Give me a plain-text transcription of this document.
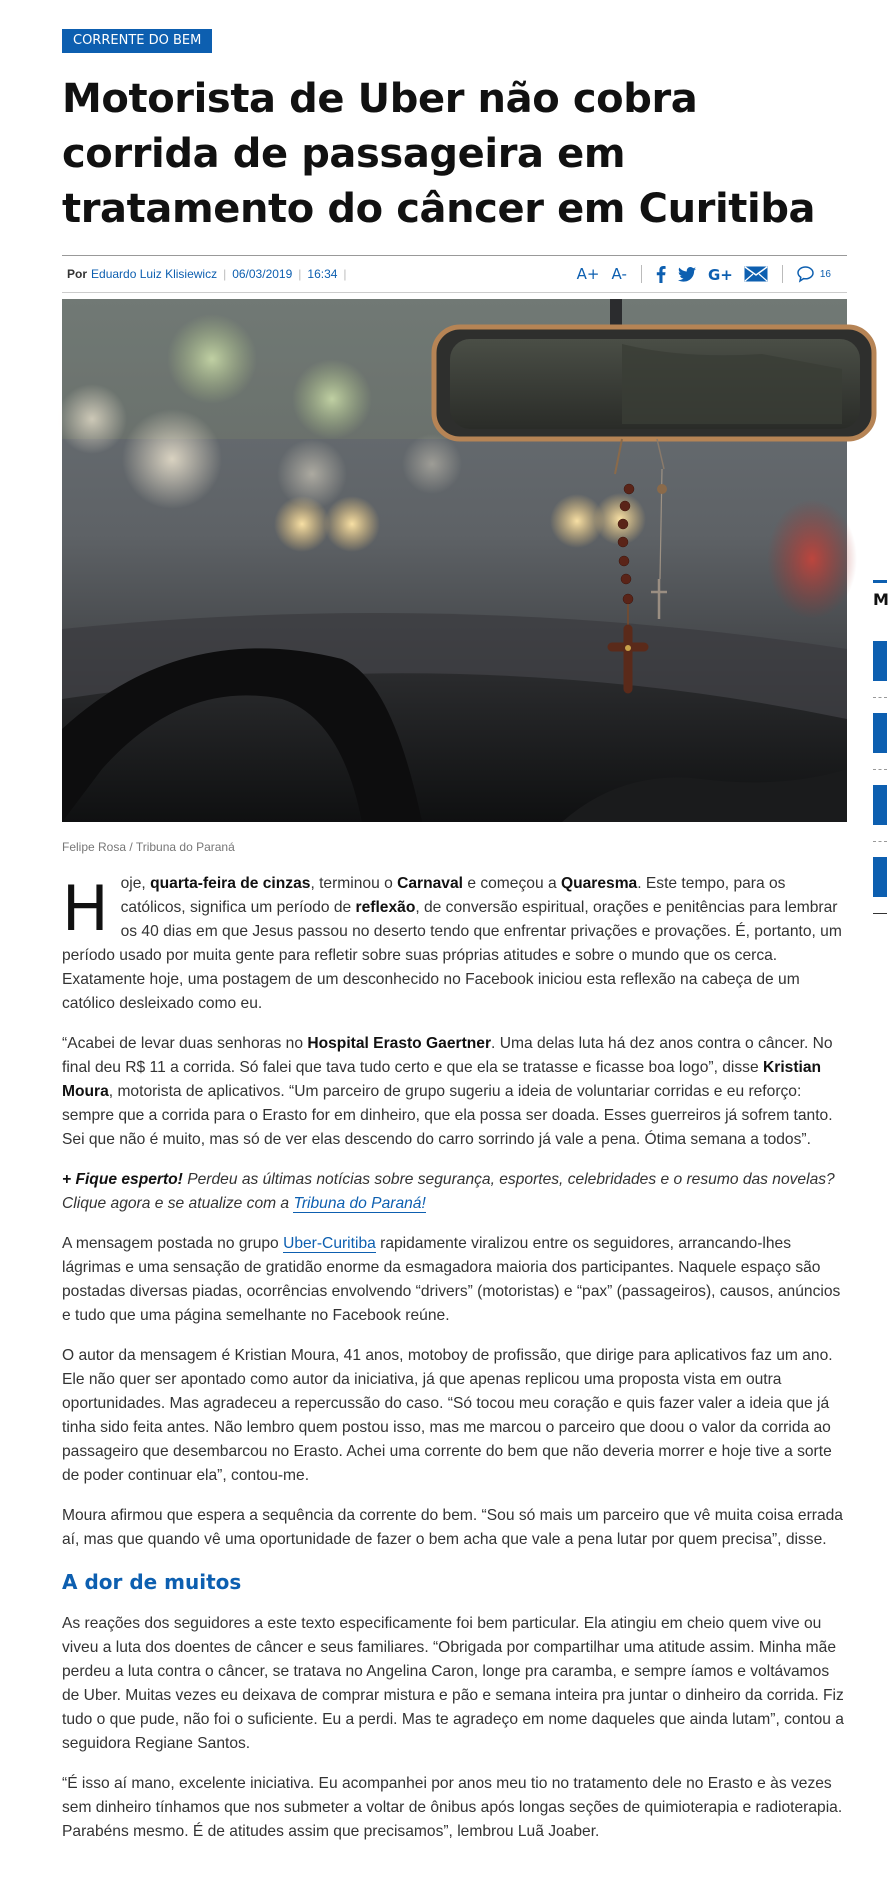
CORRENTE DO BEM
Motorista de Uber não cobra corrida de passageira em tratamento do câncer em Curitiba
Por Eduardo Luiz Klisiewicz | 06/03/2019 | 16:34 |	A+ A-	G+	16
Felipe Rosa / Tribuna do Paraná

Hoje, quarta-feira de cinzas, terminou o Carnaval e começou a Quaresma. Este tempo, para os católicos, significa um período de reflexão, de conversão espiritual, orações e penitências para lembrar os 40 dias em que Jesus passou no deserto tendo que enfrentar privações e provações. É, portanto, um período usado por muita gente para refletir sobre suas próprias atitudes e sobre o mundo que os cerca. Exatamente hoje, uma postagem de um desconhecido no Facebook iniciou esta reflexão na cabeça de um católico desleixado como eu.

“Acabei de levar duas senhoras no Hospital Erasto Gaertner. Uma delas luta há dez anos contra o câncer. No final deu R$ 11 a corrida. Só falei que tava tudo certo e que ela se tratasse e ficasse boa logo”, disse Kristian Moura, motorista de aplicativos. “Um parceiro de grupo sugeriu a ideia de voluntariar corridas e eu reforço: sempre que a corrida para o Erasto for em dinheiro, que ela possa ser doada. Esses guerreiros já sofrem tanto. Sei que não é muito, mas só de ver elas descendo do carro sorrindo já vale a pena. Ótima semana a todos”.

+ Fique esperto! Perdeu as últimas notícias sobre segurança, esportes, celebridades e o resumo das novelas? Clique agora e se atualize com a Tribuna do Paraná!

A mensagem postada no grupo Uber-Curitiba rapidamente viralizou entre os seguidores, arrancando-lhes lágrimas e uma sensação de gratidão enorme da esmagadora maioria dos participantes. Naquele espaço são postadas diversas piadas, ocorrências envolvendo “drivers” (motoristas) e “pax” (passageiros), causos, anúncios e tudo que uma página semelhante no Facebook reúne.

O autor da mensagem é Kristian Moura, 41 anos, motoboy de profissão, que dirige para aplicativos faz um ano. Ele não quer ser apontado como autor da iniciativa, já que apenas replicou uma proposta vista em outra oportunidades. Mas agradeceu a repercussão do caso. “Só tocou meu coração e quis fazer valer a ideia que já tinha sido feita antes. Não lembro quem postou isso, mas me marcou o parceiro que doou o valor da corrida ao passageiro que desembarcou no Erasto. Achei uma corrente do bem que não deveria morrer e hoje tive a sorte de poder continuar ela”, contou-me.

Moura afirmou que espera a sequência da corrente do bem. “Sou só mais um parceiro que vê muita coisa errada aí, mas que quando vê uma oportunidade de fazer o bem acha que vale a pena lutar por quem precisa”, disse.

A dor de muitos

As reações dos seguidores a este texto especificamente foi bem particular. Ela atingiu em cheio quem vive ou viveu a luta dos doentes de câncer e seus familiares. “Obrigada por compartilhar uma atitude assim. Minha mãe perdeu a luta contra o câncer, se tratava no Angelina Caron, longe pra caramba, e sempre íamos e voltávamos de Uber. Muitas vezes eu deixava de comprar mistura e pão e semana inteira pra juntar o dinheiro da corrida. Fiz tudo o que pude, não foi o suficiente. Eu a perdi. Mas te agradeço em nome daqueles que ainda lutam”, contou a seguidora Regiane Santos.

“É isso aí mano, excelente iniciativa. Eu acompanhei por anos meu tio no tratamento dele no Erasto e às vezes sem dinheiro tínhamos que nos submeter a voltar de ônibus após longas seções de quimioterapia e radioterapia. Parabéns mesmo. É de atitudes assim que precisamos”, lembrou Luã Joaber.

M
